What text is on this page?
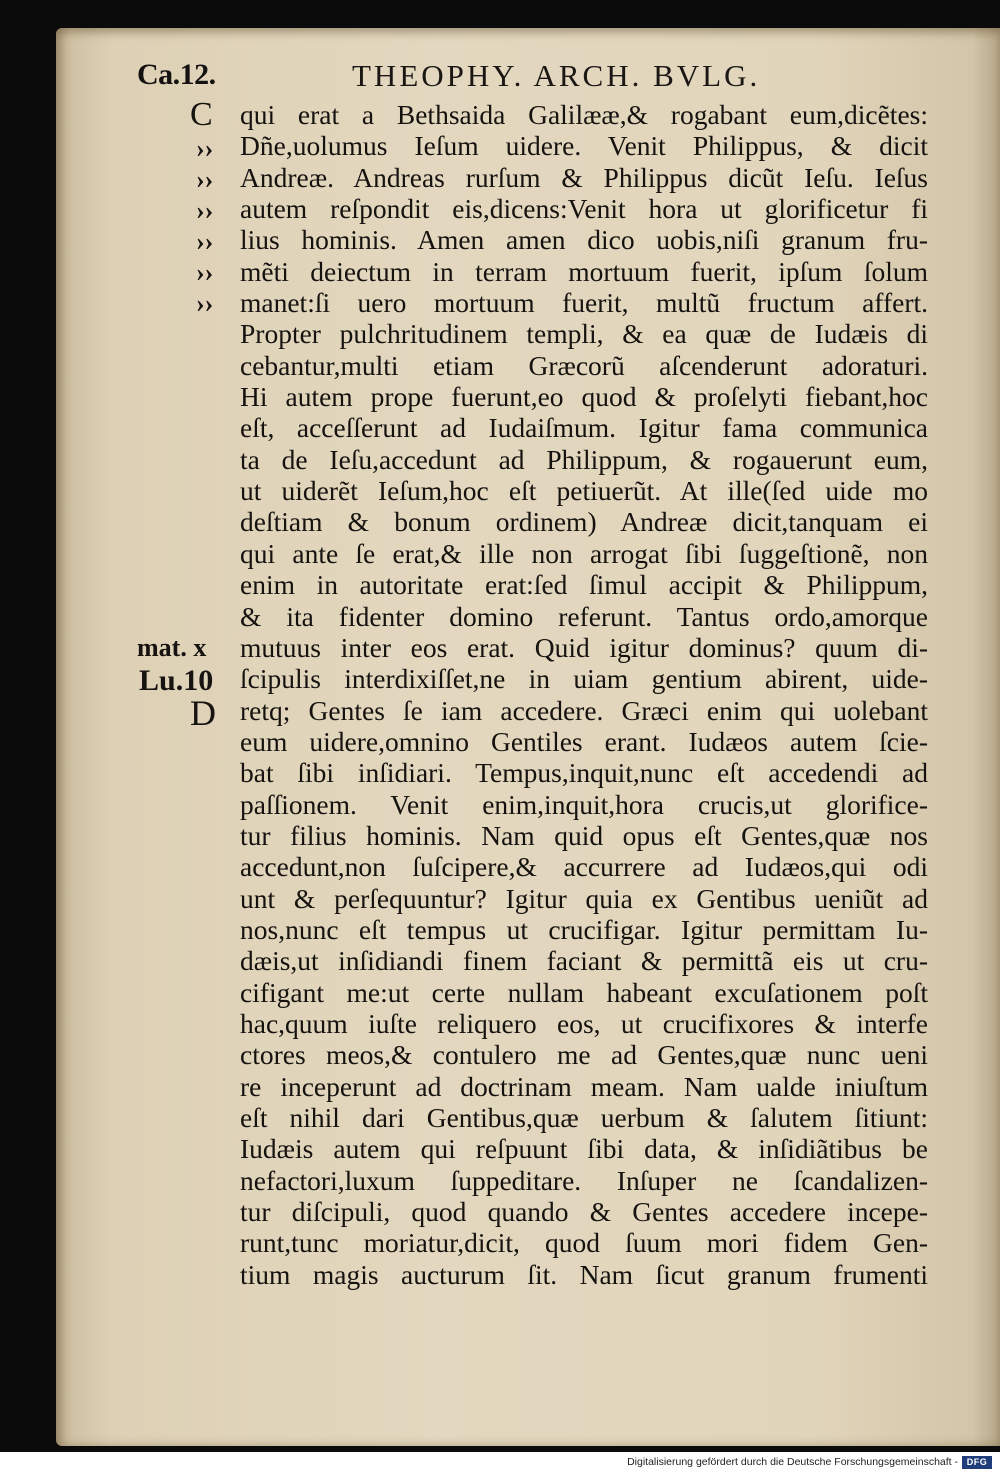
Ca.12.	THEOPHY. ARCH. BVLG.
C
››
››
››
››
››
››
mat. x
Lu.10
D
qui erat a Bethsaida Galilææ,& rogabant eum,dicẽtes:
Dñe,uolumus Ieſum uidere. Venit Philippus, & dicit
Andreæ. Andreas rurſum & Philippus dicũt Ieſu. Ieſus
autem reſpondit eis,dicens:Venit hora ut glorificetur fi
lius hominis. Amen amen dico uobis,niſi granum fru-
mẽti deiectum in terram mortuum fuerit, ipſum ſolum
manet:ſi uero mortuum fuerit, multũ fructum affert.
Propter pulchritudinem templi, & ea quæ de Iudæis di
cebantur,multi etiam Græcorũ aſcenderunt adoraturi.
Hi autem prope fuerunt,eo quod & proſelyti fiebant,hoc
eſt, acceſſerunt ad Iudaiſmum. Igitur fama communica
ta de Ieſu,accedunt ad Philippum, & rogauerunt eum,
ut uiderẽt Ieſum,hoc eſt petiuerũt. At ille(ſed uide mo
deſtiam & bonum ordinem) Andreæ dicit,tanquam ei
qui ante ſe erat,& ille non arrogat ſibi ſuggeſtionẽ, non
enim in autoritate erat:ſed ſimul accipit & Philippum,
& ita fidenter domino referunt. Tantus ordo,amorque
mutuus inter eos erat. Quid igitur dominus? quum di-
ſcipulis interdixiſſet,ne in uiam gentium abirent, uide-
retq; Gentes ſe iam accedere. Græci enim qui uolebant
eum uidere,omnino Gentiles erant. Iudæos autem ſcie-
bat ſibi inſidiari. Tempus,inquit,nunc eſt accedendi ad
paſſionem. Venit enim,inquit,hora crucis,ut glorifice-
tur filius hominis. Nam quid opus eſt Gentes,quæ nos
accedunt,non ſuſcipere,& accurrere ad Iudæos,qui odi
unt & perſequuntur? Igitur quia ex Gentibus ueniũt ad
nos,nunc eſt tempus ut crucifigar. Igitur permittam Iu-
dæis,ut inſidiandi finem faciant & permittã eis ut cru-
cifigant me:ut certe nullam habeant excuſationem poſt
hac,quum iuſte reliquero eos, ut crucifixores & interfe
ctores meos,& contulero me ad Gentes,quæ nunc ueni
re inceperunt ad doctrinam meam. Nam ualde iniuſtum
eſt nihil dari Gentibus,quæ uerbum & ſalutem ſitiunt:
Iudæis autem qui reſpuunt ſibi data, & inſidiãtibus be
nefactori,luxum ſuppeditare. Inſuper ne ſcandalizen-
tur diſcipuli, quod quando & Gentes accedere incepe-
runt,tunc moriatur,dicit, quod ſuum mori fidem Gen-
tium magis aucturum ſit. Nam ſicut granum frumenti
Digitalisierung gefördert durch die Deutsche Forschungsgemeinschaft - DFG
